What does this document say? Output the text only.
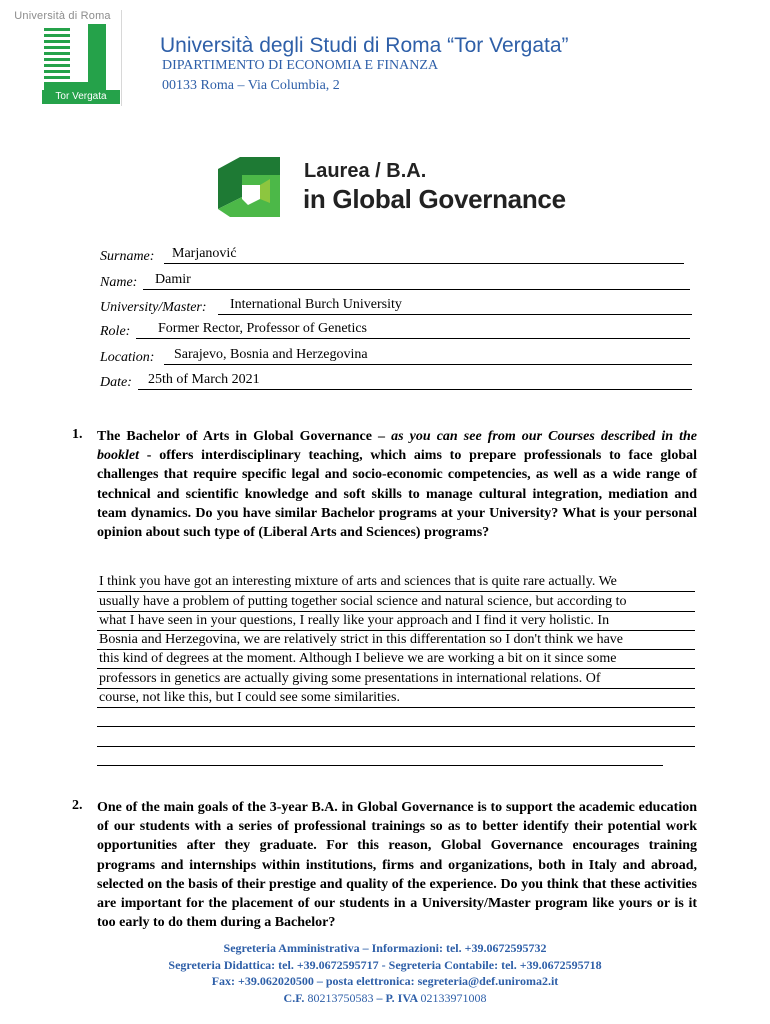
Università di Roma
Tor Vergata
Università degli Studi di Roma “Tor Vergata”
DIPARTIMENTO DI ECONOMIA E FINANZA
00133 Roma – Via Columbia, 2
Laurea / B.A.
in Global Governance
Surname: Marjanović
Name: Damir
University/Master: International Burch University
Role: Former Rector, Professor of Genetics
Location: Sarajevo, Bosnia and Herzegovina
Date: 25th of March 2021
1. The Bachelor of Arts in Global Governance – as you can see from our Courses described in the booklet - offers interdisciplinary teaching, which aims to prepare professionals to face global challenges that require specific legal and socio-economic competencies, as well as a wide range of technical and scientific knowledge and soft skills to manage cultural integration, mediation and team dynamics. Do you have similar Bachelor programs at your University? What is your personal opinion about such type of (Liberal Arts and Sciences) programs?
I think you have got an interesting mixture of arts and sciences that is quite rare actually. We
usually have a problem of putting together social science and natural science, but according to
what I have seen in your questions, I really like your approach and I find it very holistic. In
Bosnia and Herzegovina, we are relatively strict in this differentation so I don't think we have
this kind of degrees at the moment. Although I believe we are working a bit on it since some
professors in genetics are actually giving some presentations in international relations. Of
course, not like this, but I could see some similarities.
2. One of the main goals of the 3-year B.A. in Global Governance is to support the academic education of our students with a series of professional trainings so as to better identify their potential work opportunities after they graduate. For this reason, Global Governance encourages training programs and internships within institutions, firms and organizations, both in Italy and abroad, selected on the basis of their prestige and quality of the experience. Do you think that these activities are important for the placement of our students in a University/Master program like yours or is it too early to do them during a Bachelor?
Segreteria Amministrativa – Informazioni: tel. +39.0672595732
Segreteria Didattica: tel. +39.0672595717 - Segreteria Contabile: tel. +39.0672595718
Fax: +39.062020500 – posta elettronica: segreteria@def.uniroma2.it
C.F. 80213750583 – P. IVA 02133971008
